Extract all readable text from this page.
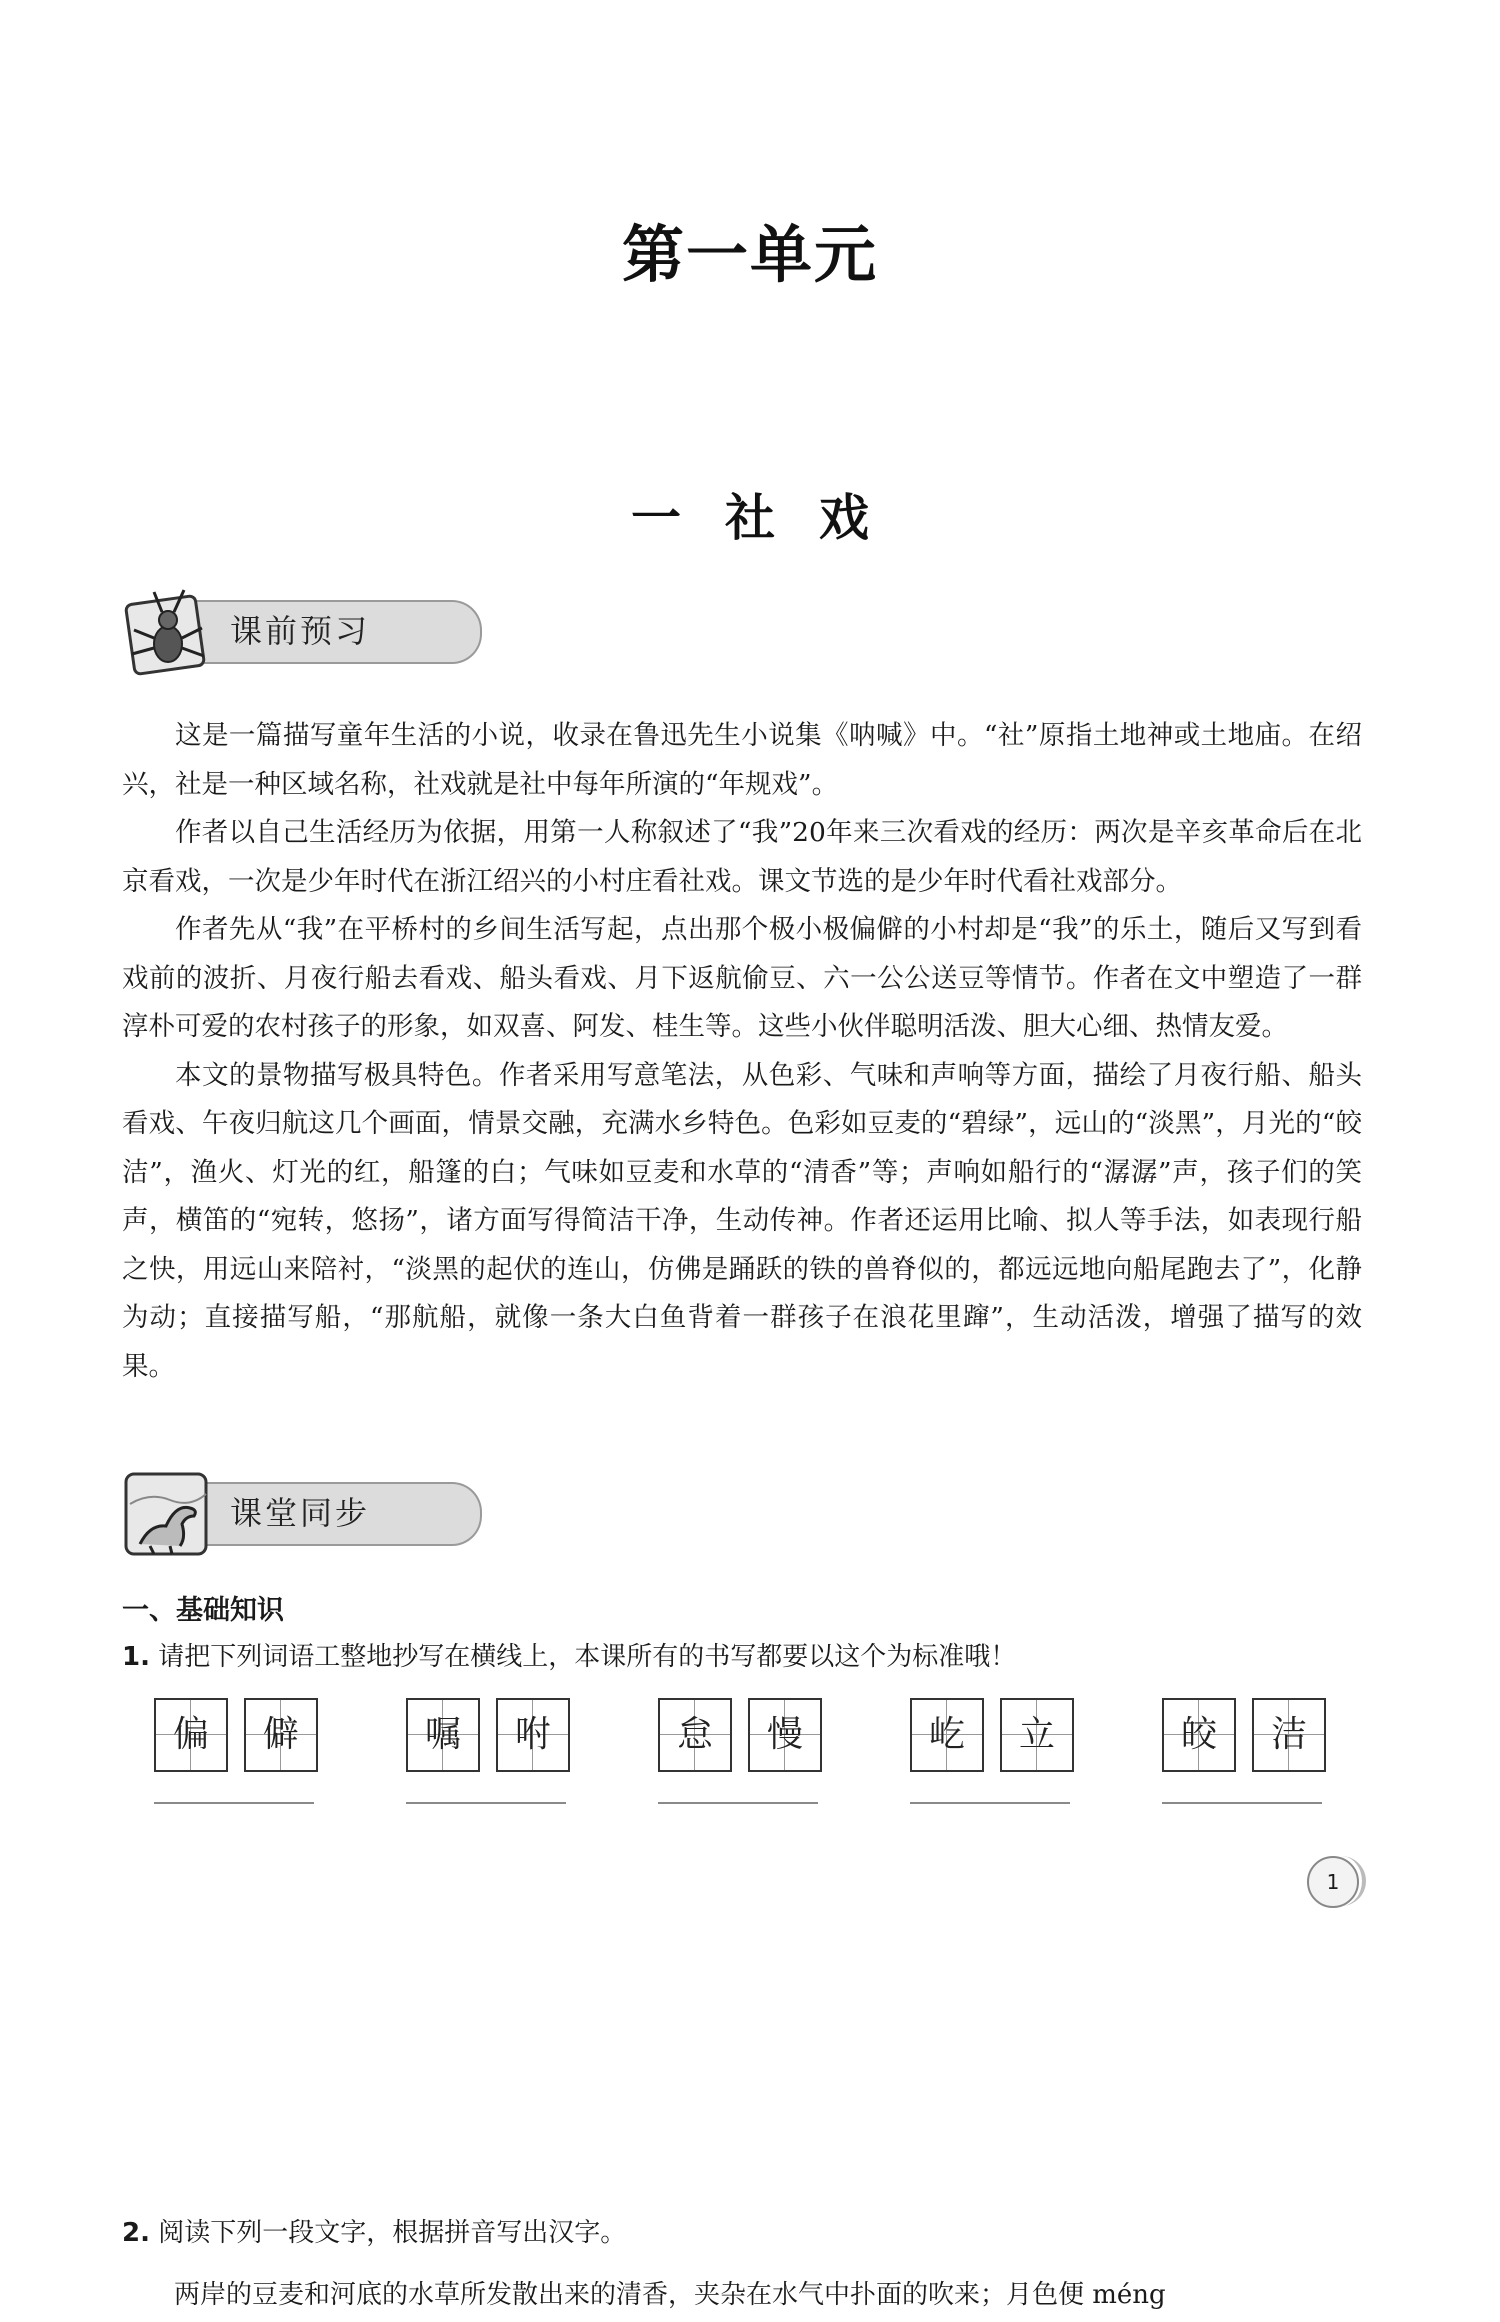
第一单元
一 社 戏
课前预习

这是一篇描写童年生活的小说，收录在鲁迅先生小说集《呐喊》中。“社”原指土地神或土地庙。在绍兴，社是一种区域名称，社戏就是社中每年所演的“年规戏”。

作者以自己生活经历为依据，用第一人称叙述了“我”20年来三次看戏的经历：两次是辛亥革命后在北京看戏，一次是少年时代在浙江绍兴的小村庄看社戏。课文节选的是少年时代看社戏部分。

作者先从“我”在平桥村的乡间生活写起，点出那个极小极偏僻的小村却是“我”的乐土，随后又写到看戏前的波折、月夜行船去看戏、船头看戏、月下返航偷豆、六一公公送豆等情节。作者在文中塑造了一群淳朴可爱的农村孩子的形象，如双喜、阿发、桂生等。这些小伙伴聪明活泼、胆大心细、热情友爱。

本文的景物描写极具特色。作者采用写意笔法，从色彩、气味和声响等方面，描绘了月夜行船、船头看戏、午夜归航这几个画面，情景交融，充满水乡特色。色彩如豆麦的“碧绿”，远山的“淡黑”，月光的“皎洁”，渔火、灯光的红，船篷的白；气味如豆麦和水草的“清香”等；声响如船行的“潺潺”声，孩子们的笑声，横笛的“宛转，悠扬”，诸方面写得简洁干净，生动传神。作者还运用比喻、拟人等手法，如表现行船之快，用远山来陪衬，“淡黑的起伏的连山，仿佛是踊跃的铁的兽脊似的，都远远地向船尾跑去了”，化静为动；直接描写船，“那航船，就像一条大白鱼背着一群孩子在浪花里蹿”，生动活泼，增强了描写的效果。

课堂同步
一、基础知识
1. 请把下列词语工整地抄写在横线上，本课所有的书写都要以这个为标准哦！
偏	僻	嘱	咐	怠	慢	屹	立	皎	洁
1
2. 阅读下列一段文字，根据拼音写出汉字。
两岸的豆麦和河底的水草所发散出来的清香，夹杂在水气中扑面的吹来；月色便 méng
